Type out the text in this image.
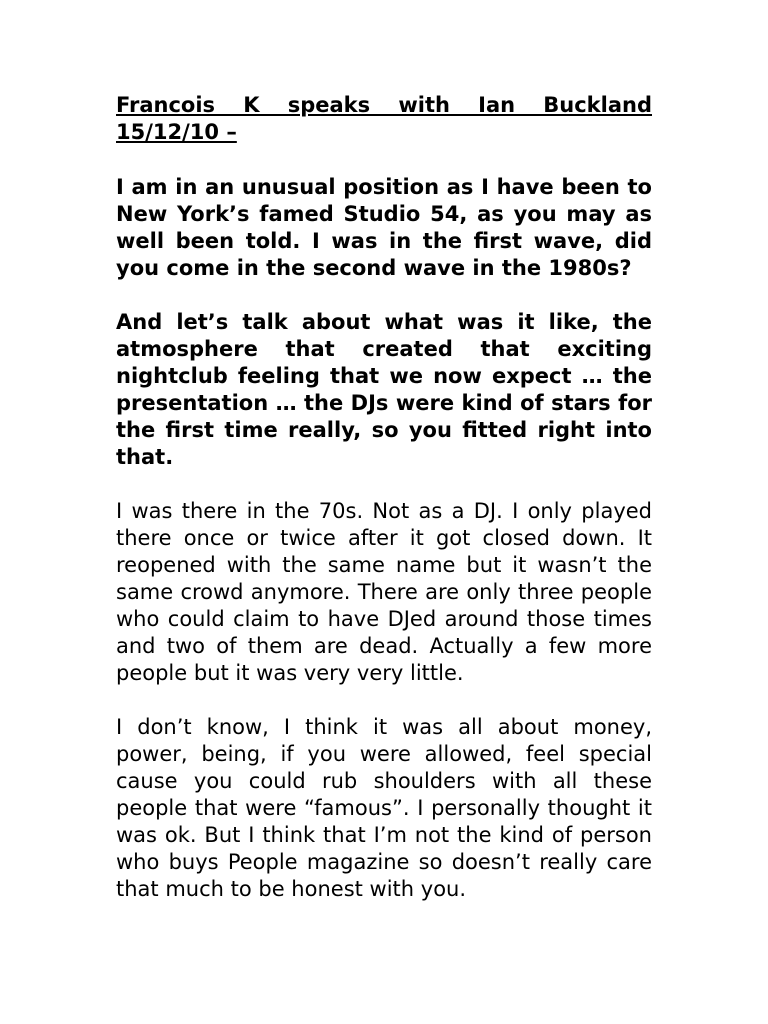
Francois K speaks with Ian Buckland
15/12/10 –

I am in an unusual position as I have been to New York’s famed Studio 54, as you may as well been told. I was in the first wave, did you come in the second wave in the 1980s?

And let’s talk about what was it like, the atmosphere that created that exciting nightclub feeling that we now expect … the presentation … the DJs were kind of stars for the first time really, so you fitted right into that.

I was there in the 70s. Not as a DJ. I only played there once or twice after it got closed down. It reopened with the same name but it wasn’t the same crowd anymore. There are only three people who could claim to have DJed around those times and two of them are dead. Actually a few more people but it was very very little.

I don’t know, I think it was all about money, power, being, if you were allowed, feel special cause you could rub shoulders with all these people that were “famous”. I personally thought it was ok. But I think that I’m not the kind of person who buys People magazine so doesn’t really care that much to be honest with you.
